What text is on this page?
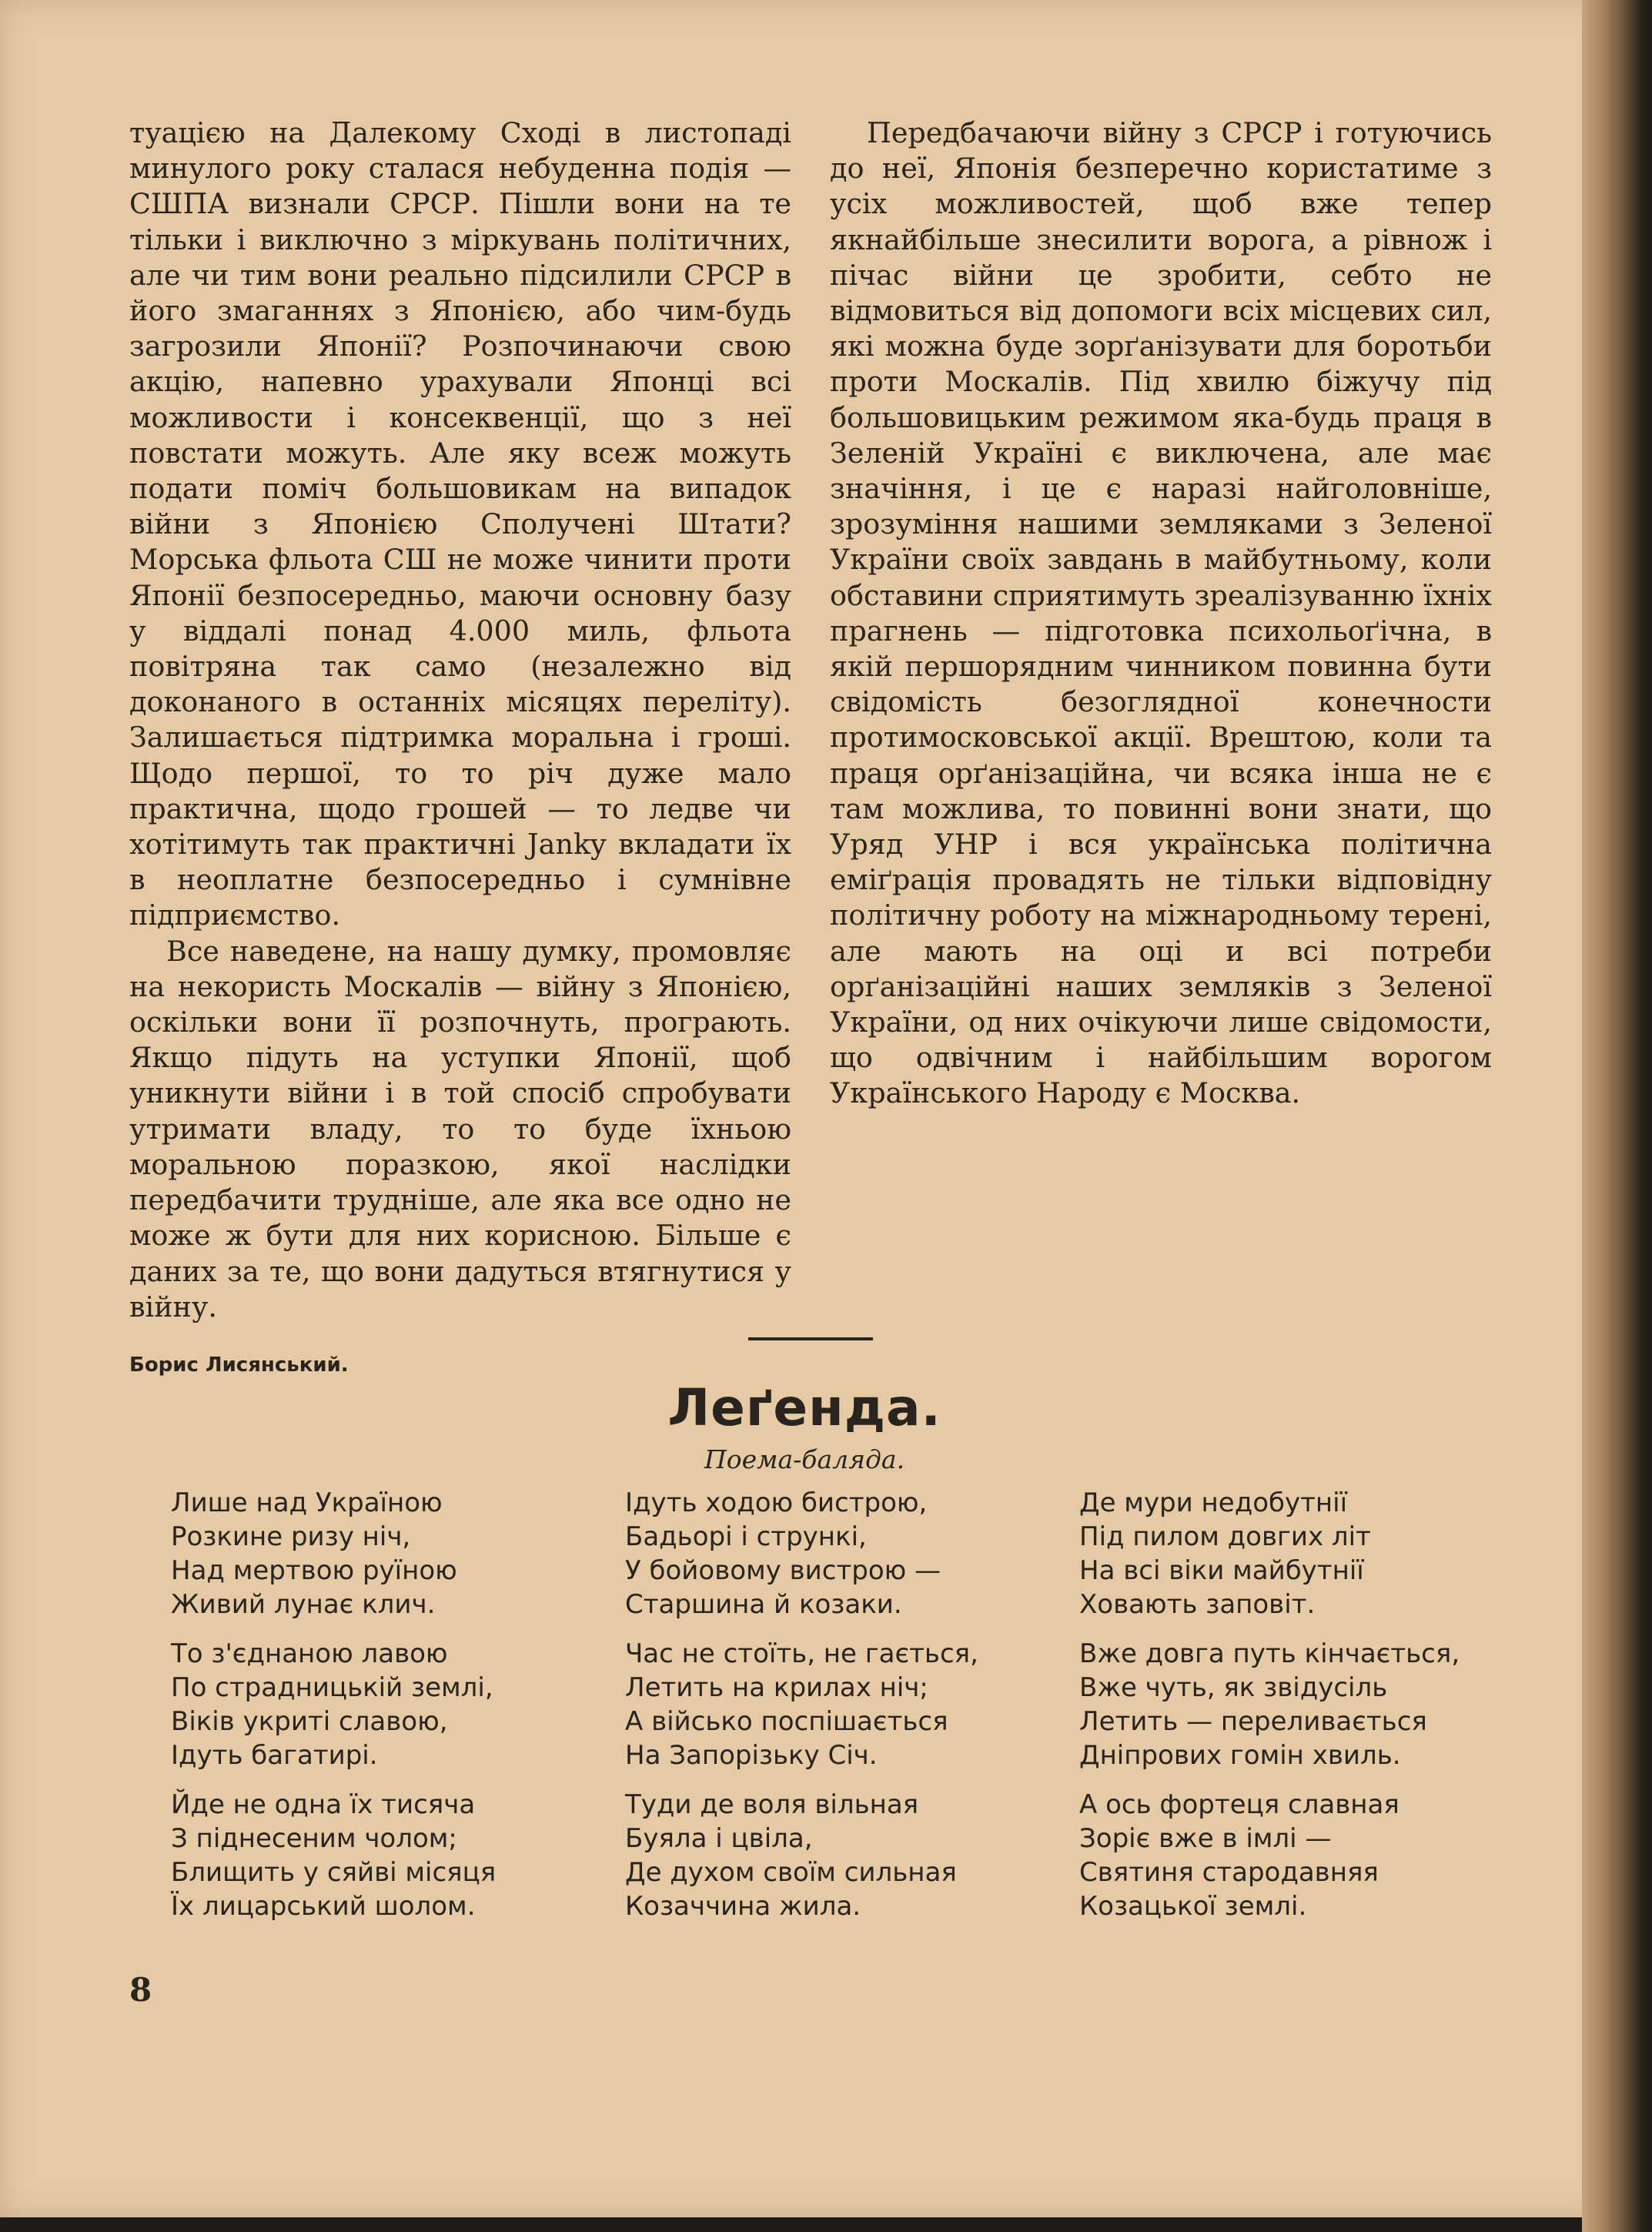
туацією на Далекому Сході в листопаді минулого року сталася небуденна подія — СШПА визнали СРСР. Пішли вони на те тільки і виключно з міркувань політичних, але чи тим вони реально підсилили СРСР в його змаганнях з Японією, або чим-будь загрозили Японії? Розпочинаючи свою акцію, напевно урахували Японці всі можливости і консеквенції, що з неї повстати можуть. Але яку всеж можуть подати поміч большовикам на випадок війни з Японією Сполучені Штати? Морська фльота СШ не може чинити проти Японії безпосередньо, маючи основну базу у віддалі понад 4.000 миль, фльота повітряна так само (незалежно від доконаного в останніх місяцях переліту). Залишається підтримка моральна і гроші. Щодо першої, то то річ дуже мало практична, щодо грошей — то ледве чи хотітимуть так практичні Janky вкладати їх в неоплатне безпосередньо і сумнівне підприємство.

Все наведене, на нашу думку, промовляє на некористь Москалів — війну з Японією, оскільки вони її розпочнуть, програють. Якщо підуть на уступки Японії, щоб уникнути війни і в той спосіб спробувати утримати владу, то то буде їхньою моральною поразкою, якої наслідки передбачити трудніше, але яка все одно не може ж бути для них корисною. Більше є даних за те, що вони дадуться втягнутися у війну.

Передбачаючи війну з СРСР і готуючись до неї, Японія безперечно користатиме з усіх можливостей, щоб вже тепер якнайбільше знесилити ворога, а рівнож і пічас війни це зробити, себто не відмовиться від допомоги всіх місцевих сил, які можна буде зорґанізувати для боротьби проти Москалів. Під хвилю біжучу під большовицьким режимом яка-будь праця в Зеленій Україні є виключена, але має значіння, і це є наразі найголовніше, зрозуміння нашими земляками з Зеленої України своїх завдань в майбутньому, коли обставини сприятимуть зреалізуванню їхніх прагнень — підготовка психольоґічна, в якій першорядним чинником повинна бути свідомість безоглядної конечности протимосковської акції. Врештою, коли та праця орґанізаційна, чи всяка інша не є там можлива, то повинні вони знати, що Уряд УНР і вся українська політична еміґрація провадять не тільки відповідну політичну роботу на міжнародньому терені, але мають на оці и всі потреби орґанізаційні наших земляків з Зеленої України, од них очікуючи лише свідомости, що одвічним і найбільшим ворогом Українського Народу є Москва.

Борис Лисянський.
Леґенда.
Поема-баляда.
Лише над Україною
Розкине ризу ніч,
Над мертвою руїною
Живий лунає клич.
То з'єднаною лавою
По страдницькій землі,
Віків укриті славою,
Ідуть багатирі.
Йде не одна їх тисяча
З піднесеним чолом;
Блищить у сяйві місяця
Їх лицарський шолом.
Ідуть ходою бистрою,
Бадьорі і стрункі,
У бойовому вистрою —
Старшина й козаки.
Час не стоїть, не гається,
Летить на крилах ніч;
А військо поспішається
На Запорізьку Січ.
Туди де воля вільная
Буяла і цвіла,
Де духом своїм сильная
Козаччина жила.
Де мури недобутнії
Під пилом довгих літ
На всі віки майбутнії
Ховають заповіт.
Вже довга путь кінчається,
Вже чуть, як звідусіль
Летить — переливається
Дніпрових гомін хвиль.
А ось фортеця славная
Зоріє вже в імлі —
Святиня стародавняя
Козацької землі.
8
